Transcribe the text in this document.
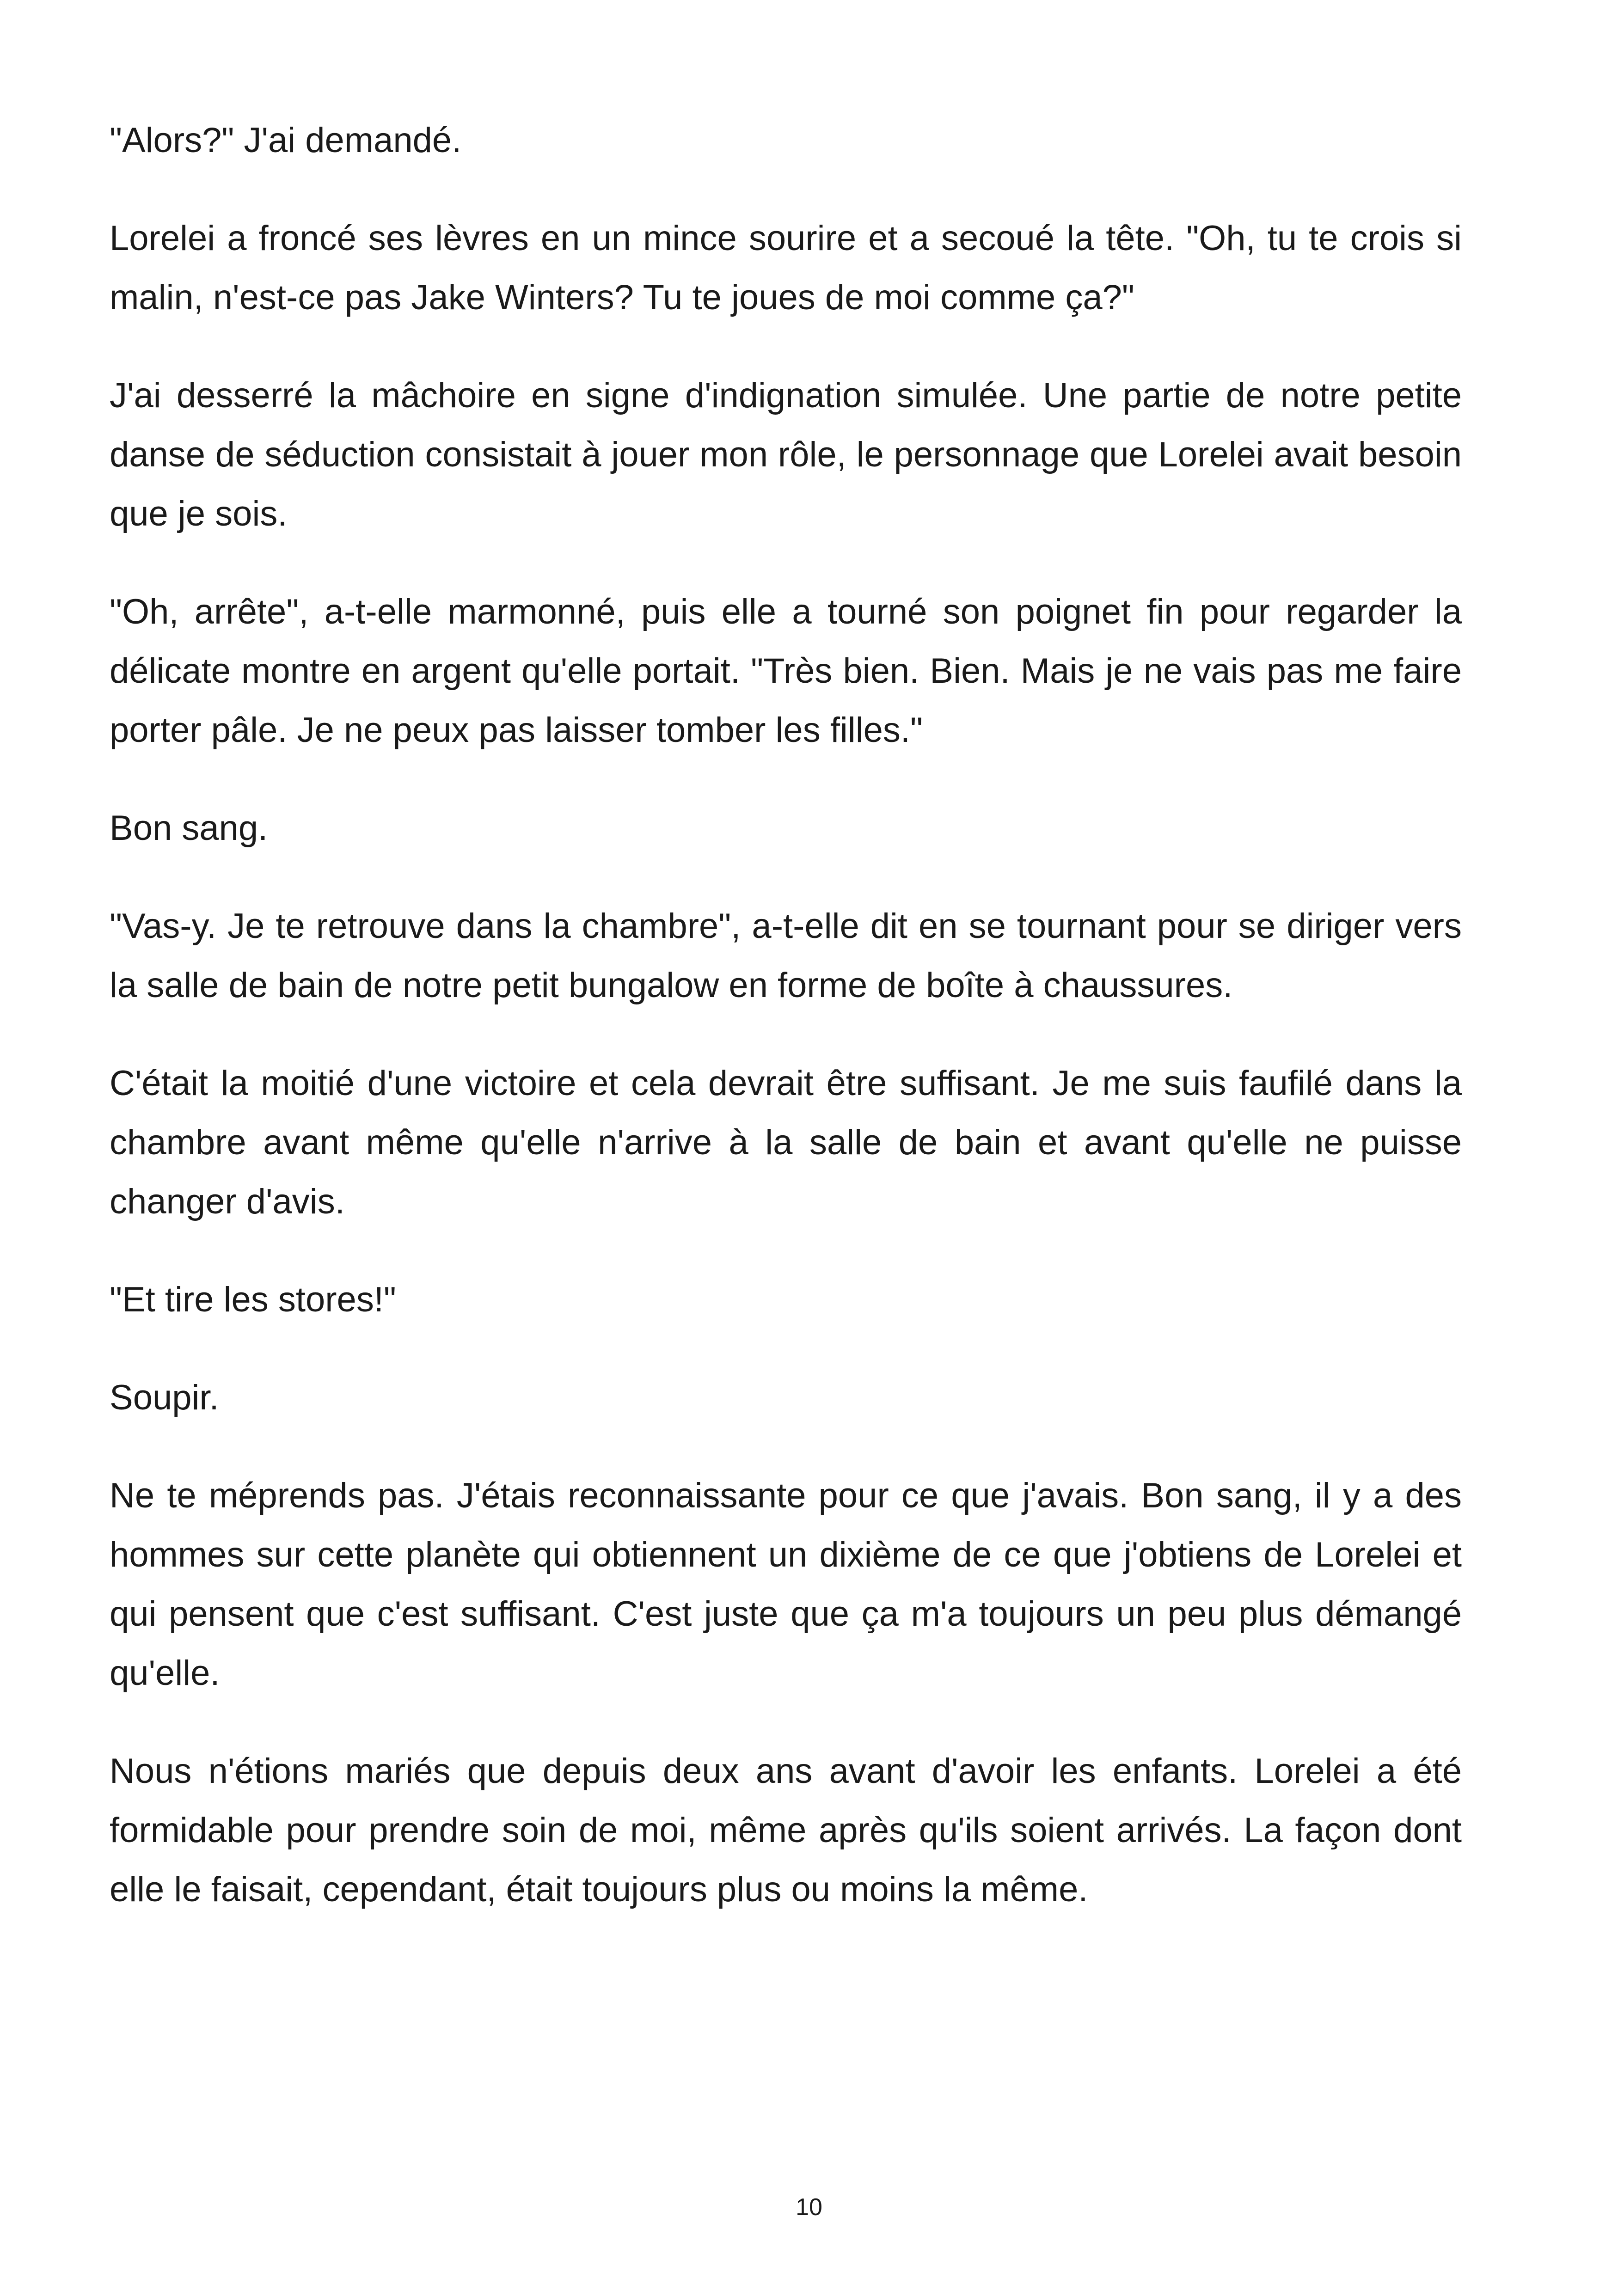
"Alors?" J'ai demandé.

Lorelei a froncé ses lèvres en un mince sourire et a secoué la tête. "Oh, tu te crois si malin, n'est-ce pas Jake Winters? Tu te joues de moi comme ça?"

J'ai desserré la mâchoire en signe d'indignation simulée. Une partie de notre petite danse de séduction consistait à jouer mon rôle, le personnage que Lorelei avait besoin que je sois.

"Oh, arrête", a-t-elle marmonné, puis elle a tourné son poignet fin pour regarder la délicate montre en argent qu'elle portait. "Très bien. Bien. Mais je ne vais pas me faire porter pâle. Je ne peux pas laisser tomber les filles."

Bon sang.

"Vas-y. Je te retrouve dans la chambre", a-t-elle dit en se tournant pour se diriger vers la salle de bain de notre petit bungalow en forme de boîte à chaussures.

C'était la moitié d'une victoire et cela devrait être suffisant. Je me suis faufilé dans la chambre avant même qu'elle n'arrive à la salle de bain et avant qu'elle ne puisse changer d'avis.

"Et tire les stores!"

Soupir.

Ne te méprends pas. J'étais reconnaissante pour ce que j'avais. Bon sang, il y a des hommes sur cette planète qui obtiennent un dixième de ce que j'obtiens de Lorelei et qui pensent que c'est suffisant. C'est juste que ça m'a toujours un peu plus démangé qu'elle.

Nous n'étions mariés que depuis deux ans avant d'avoir les enfants. Lorelei a été formidable pour prendre soin de moi, même après qu'ils soient arrivés. La façon dont elle le faisait, cependant, était toujours plus ou moins la même.

10
